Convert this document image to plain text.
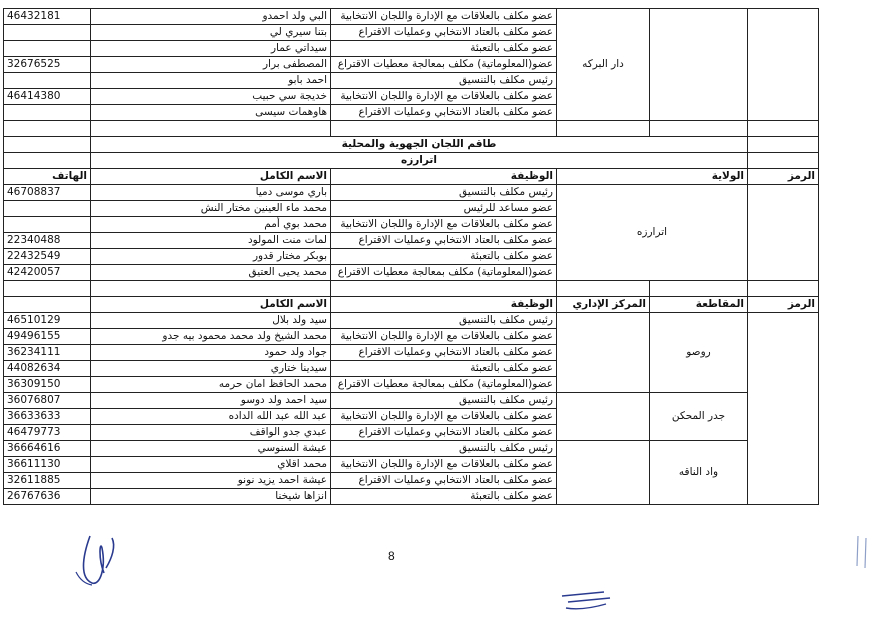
46432181	البي ولد احمدو	عضو مكلف بالعلاقات مع الإدارة واللجان الانتخابية	دار البركه		
	بتنا سيري لي	عضو مكلف بالعتاد الانتخابي وعمليات الاقتراع			
	سيداتي عمار	عضو مكلف بالتعبئة			
32676525	المصطفى برار	عضو(المعلوماتية) مكلف بمعالجة معطيات الاقتراع			
	احمد بابو	رئيس مكلف بالتنسيق			
46414380	خديجة سي حبيب	عضو مكلف بالعلاقات مع الإدارة واللجان الانتخابية			
	هاوهمات سيسى	عضو مكلف بالعتاد الانتخابي وعمليات الاقتراع			

	طاقم اللجان الجهوية والمحلية				
	اترارزه				
الهاتف	الاسم الكامل	الوظيفة	الولاية		الرمز
46708837	باري موسى دميا	رئيس مكلف بالتنسيق	اترارزه		
	محمد ماء العينين مختار النش	عضو مساعد للرئيس			
	محمد بوي أمم	عضو مكلف بالعلاقات مع الإدارة واللجان الانتخابية			
22340488	لمات منت المولود	عضو مكلف بالعتاد الانتخابي وعمليات الاقتراع			
22432549	بوبكر مختار قدور	عضو مكلف بالتعبئة			
42420057	محمد يحيى العتيق	عضو(المعلوماتية) مكلف بمعالجة معطيات الاقتراع			

	الاسم الكامل	الوظيفة	المركز الإداري	المقاطعة	الرمز
46510129	سيد ولد بلال	رئيس مكلف بالتنسيق		روصو	
49496155	محمد الشيخ ولد محمد محمود بيه جدو	عضو مكلف بالعلاقات مع الإدارة واللجان الانتخابية			
36234111	جواد ولد حمود	عضو مكلف بالعتاد الانتخابي وعمليات الاقتراع			
44082634	سيدينا ختاري	عضو مكلف بالتعبئة			
36309150	محمد الحافظ امان حرمه	عضو(المعلوماتية) مكلف بمعالجة معطيات الاقتراع			
36076807	سيد احمد ولد دوسو	رئيس مكلف بالتنسيق		جدر المحكن	
36633633	عبد الله عبد الله الداده	عضو مكلف بالعلاقات مع الإدارة واللجان الانتخابية			
46479773	عبدي جدو الواقف	عضو مكلف بالعتاد الانتخابي وعمليات الاقتراع			
36664616	عيشة السنوسي	رئيس مكلف بالتنسيق		واد الناقه	
36611130	محمد اقلاي	عضو مكلف بالعلاقات مع الإدارة واللجان الانتخابية			
32611885	عيشة احمد يزيد نونو	عضو مكلف بالعتاد الانتخابي وعمليات الاقتراع			
26767636	انزاها شيخنا	عضو مكلف بالتعبئة			
8
